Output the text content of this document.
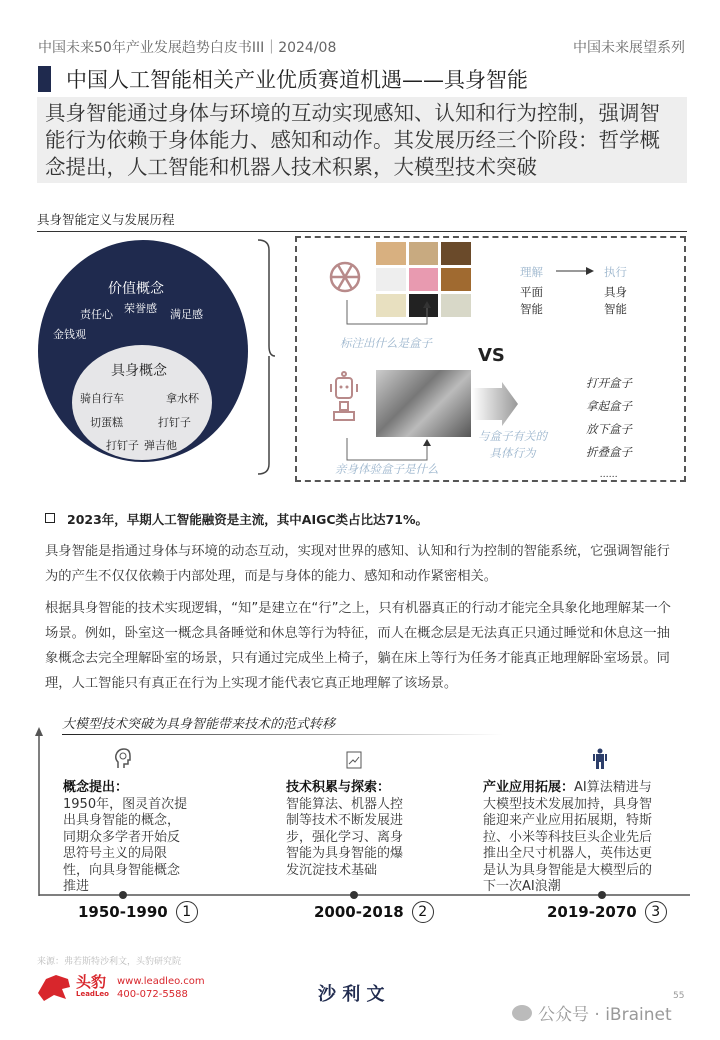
中国未来50年产业发展趋势白皮书III｜2024/08	中国未来展望系列
中国人工智能相关产业优质赛道机遇——具身智能
具身智能通过身体与环境的互动实现感知、认知和行为控制，强调智能行为依赖于身体能力、感知和动作。其发展历经三个阶段：哲学概念提出，人工智能和机器人技术积累，大模型技术突破
具身智能定义与发展历程
价值概念
责任心 荣誉感 满足感
金钱观
具身概念
骑自行车	拿水杯
切蛋糕	打钉子
打钉子 弹吉他
标注出什么是盒子
理解	执行
平面
智能
具身
智能
VS
亲身体验盒子是什么
与盒子有关的
具体行为
打开盒子
拿起盒子
放下盒子
折叠盒子
……
2023年，早期人工智能融资是主流，其中AIGC类占比达71%。
具身智能是指通过身体与环境的动态互动，实现对世界的感知、认知和行为控制的智能系统，它强调智能行为的产生不仅仅依赖于内部处理，而是与身体的能力、感知和动作紧密相关。
根据具身智能的技术实现逻辑，“知”是建立在“行”之上，只有机器真正的行动才能完全具象化地理解某一个场景。例如，卧室这一概念具备睡觉和休息等行为特征，而人在概念层是无法真正只通过睡觉和休息这一抽象概念去完全理解卧室的场景，只有通过完成坐上椅子，躺在床上等行为任务才能真正地理解卧室场景。同理，人工智能只有真正在行为上实现才能代表它真正地理解了该场景。
大模型技术突破为具身智能带来技术的范式转移
概念提出：
1950年，图灵首次提出具身智能的概念，同期众多学者开始反思符号主义的局限性，向具身智能概念推进
技术积累与探索：
智能算法、机器人控制等技术不断发展进步，强化学习、离身智能为具身智能的爆发沉淀技术基础
产业应用拓展：AI算法精进与大模型技术发展加持，具身智能迎来产业应用拓展期，特斯拉、小米等科技巨头企业先后推出全尺寸机器人，英伟达更是认为具身智能是大模型后的下一次AI浪潮
1950-1990	1	2000-2018	2	2019-2070	3
来源：弗若斯特沙利文，头豹研究院
头豹
LeadLeo
www.leadleo.com
400-072-5588	沙 利 文	55
公众号 · iBrainet
